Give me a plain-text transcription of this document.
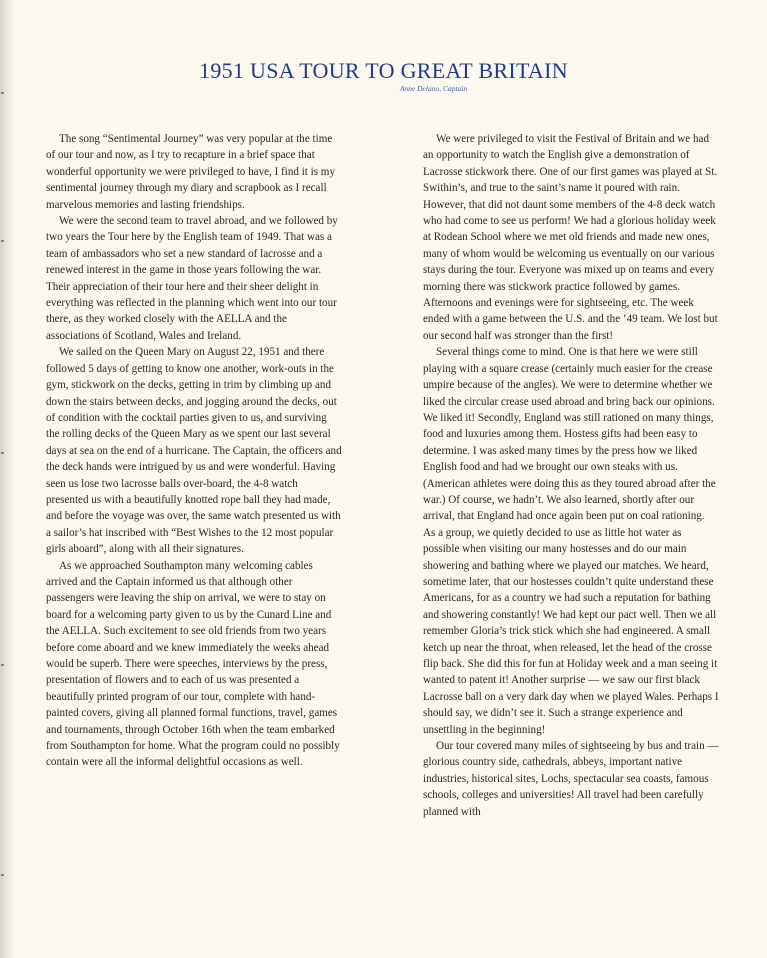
1951 USA TOUR TO GREAT BRITAIN
Anne Delano, Captain

The song “Sentimental Journey” was very popular at the time of our tour and now, as I try to recapture in a brief space that wonderful opportunity we were privileged to have, I find it is my sentimental journey through my diary and scrapbook as I recall marvelous memories and lasting friendships.

We were the second team to travel abroad, and we followed by two years the Tour here by the English team of 1949. That was a team of ambassadors who set a new standard of lacrosse and a renewed interest in the game in those years following the war. Their appreciation of their tour here and their sheer delight in everything was reflected in the planning which went into our tour there, as they worked closely with the AELLA and the associations of Scotland, Wales and Ireland.

We sailed on the Queen Mary on August 22, 1951 and there followed 5 days of getting to know one another, work-outs in the gym, stickwork on the decks, getting in trim by climbing up and down the stairs between decks, and jogging around the decks, out of condition with the cocktail parties given to us, and surviving the rolling decks of the Queen Mary as we spent our last several days at sea on the end of a hurricane. The Captain, the officers and the deck hands were intrigued by us and were wonderful. Having seen us lose two lacrosse balls over-board, the 4-8 watch presented us with a beautifully knotted rope ball they had made, and before the voyage was over, the same watch presented us with a sailor’s hat inscribed with “Best Wishes to the 12 most popular girls aboard”, along with all their signatures.

As we approached Southampton many welcoming cables arrived and the Captain informed us that although other passengers were leaving the ship on arrival, we were to stay on board for a welcoming party given to us by the Cunard Line and the AELLA. Such excitement to see old friends from two years before come aboard and we knew immediately the weeks ahead would be superb. There were speeches, interviews by the press, presentation of flowers and to each of us was presented a beautifully printed program of our tour, complete with hand-painted covers, giving all planned formal functions, travel, games and tournaments, through October 16th when the team embarked from Southampton for home. What the program could no possibly contain were all the informal delightful occasions as well.

We were privileged to visit the Festival of Britain and we had an opportunity to watch the English give a demonstration of Lacrosse stickwork there. One of our first games was played at St. Swithin’s, and true to the saint’s name it poured with rain. However, that did not daunt some members of the 4-8 deck watch who had come to see us perform! We had a glorious holiday week at Rodean School where we met old friends and made new ones, many of whom would be welcoming us eventually on our various stays during the tour. Everyone was mixed up on teams and every morning there was stickwork practice followed by games. Afternoons and evenings were for sightseeing, etc. The week ended with a game between the U.S. and the ’49 team. We lost but our second half was stronger than the first!

Several things come to mind. One is that here we were still playing with a square crease (certainly much easier for the crease umpire because of the angles). We were to determine whether we liked the circular crease used abroad and bring back our opinions. We liked it! Secondly, England was still rationed on many things, food and luxuries among them. Hostess gifts had been easy to determine. I was asked many times by the press how we liked English food and had we brought our own steaks with us. (American athletes were doing this as they toured abroad after the war.) Of course, we hadn’t. We also learned, shortly after our arrival, that England had once again been put on coal rationing. As a group, we quietly decided to use as little hot water as possible when visiting our many hostesses and do our main showering and bathing where we played our matches. We heard, sometime later, that our hostesses couldn’t quite understand these Americans, for as a country we had such a reputation for bathing and showering constantly! We had kept our pact well. Then we all remember Gloria’s trick stick which she had engineered. A small ketch up near the throat, when released, let the head of the crosse flip back. She did this for fun at Holiday week and a man seeing it wanted to patent it! Another surprise — we saw our first black Lacrosse ball on a very dark day when we played Wales. Perhaps I should say, we didn’t see it. Such a strange experience and unsettling in the beginning!

Our tour covered many miles of sightseeing by bus and train — glorious country side, cathedrals, abbeys, important native industries, historical sites, Lochs, spectacular sea coasts, famous schools, colleges and universities! All travel had been carefully planned with
